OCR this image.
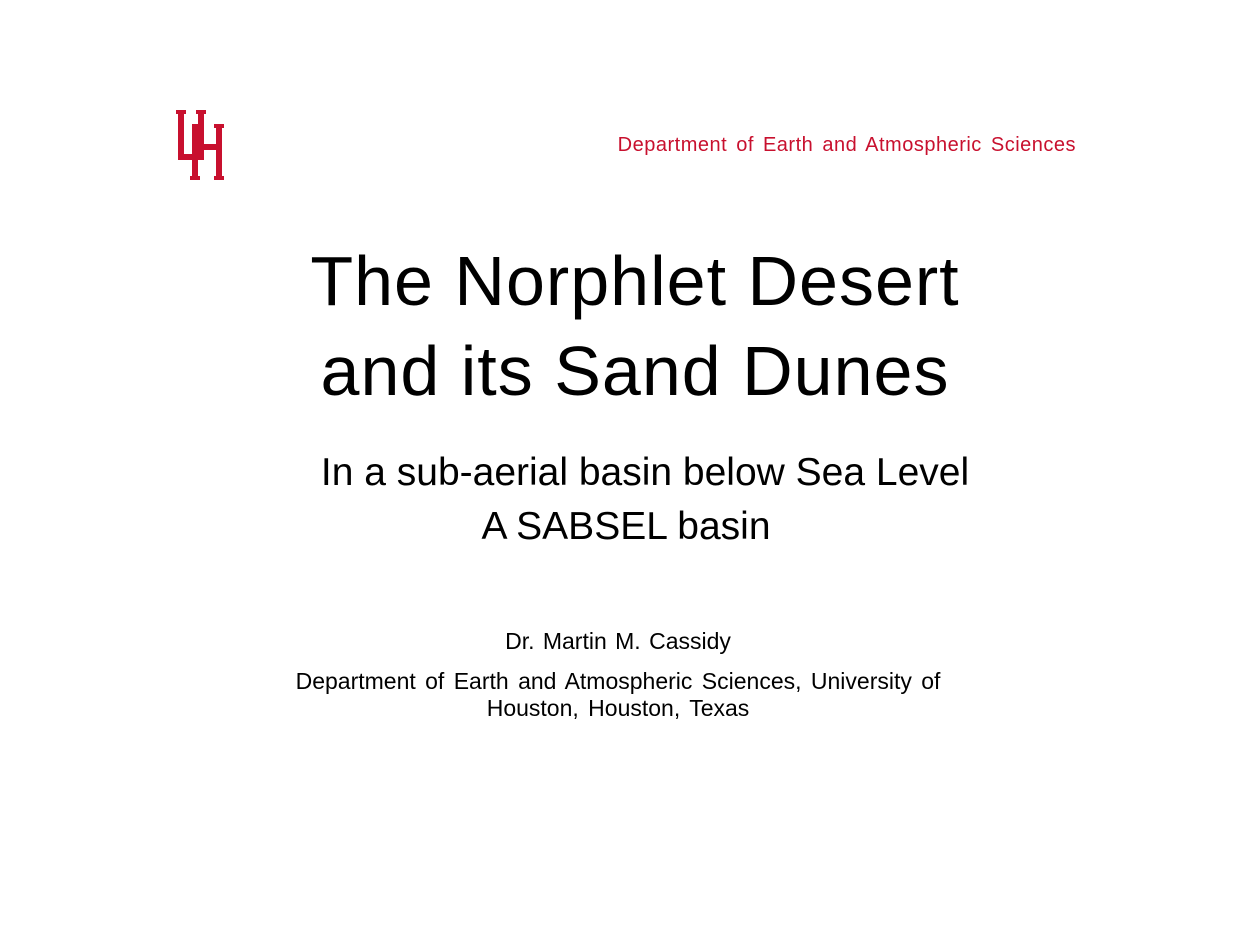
Department of Earth and Atmospheric Sciences
The Norphlet Desert
and its Sand Dunes
In a sub-aerial basin below Sea Level
A SABSEL basin
Dr. Martin M. Cassidy
Department of Earth and Atmospheric Sciences, University of
Houston, Houston, Texas
